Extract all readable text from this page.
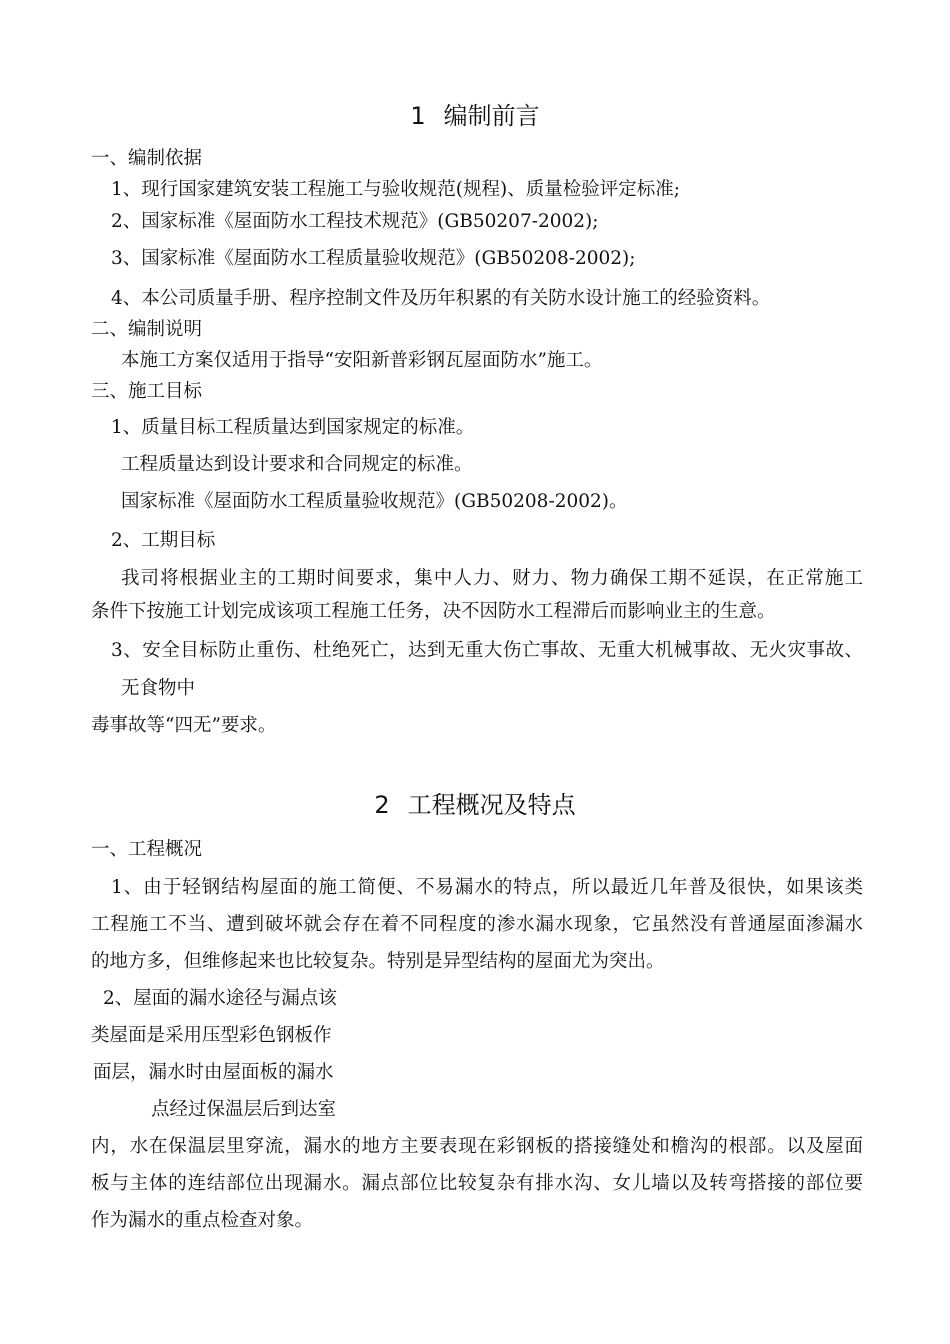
1 编制前言
一、编制依据
1、现行国家建筑安装工程施工与验收规范(规程)、质量检验评定标准;
2、国家标准《屋面防水工程技术规范》(GB50207-2002);
3、国家标准《屋面防水工程质量验收规范》(GB50208-2002);
4、本公司质量手册、程序控制文件及历年积累的有关防水设计施工的经验资料。
二、编制说明
本施工方案仅适用于指导“安阳新普彩钢瓦屋面防水”施工。
三、施工目标
1、质量目标工程质量达到国家规定的标准。
工程质量达到设计要求和合同规定的标准。
国家标准《屋面防水工程质量验收规范》(GB50208-2002)。
2、工期目标
我司将根据业主的工期时间要求，集中人力、财力、物力确保工期不延误，在正常施工
条件下按施工计划完成该项工程施工任务，决不因防水工程滞后而影响业主的生意。
3、安全目标防止重伤、杜绝死亡，达到无重大伤亡事故、无重大机械事故、无火灾事故、
无食物中
毒事故等“四无”要求。
2 工程概况及特点
一、工程概况
1、由于轻钢结构屋面的施工简便、不易漏水的特点，所以最近几年普及很快，如果该类
工程施工不当、遭到破坏就会存在着不同程度的渗水漏水现象，它虽然没有普通屋面渗漏水
的地方多，但维修起来也比较复杂。特别是异型结构的屋面尤为突出。
2、屋面的漏水途径与漏点该
类屋面是采用压型彩色钢板作
面层，漏水时由屋面板的漏水
点经过保温层后到达室
内，水在保温层里穿流，漏水的地方主要表现在彩钢板的搭接缝处和檐沟的根部。以及屋面
板与主体的连结部位出现漏水。漏点部位比较复杂有排水沟、女儿墙以及转弯搭接的部位要
作为漏水的重点检查对象。
